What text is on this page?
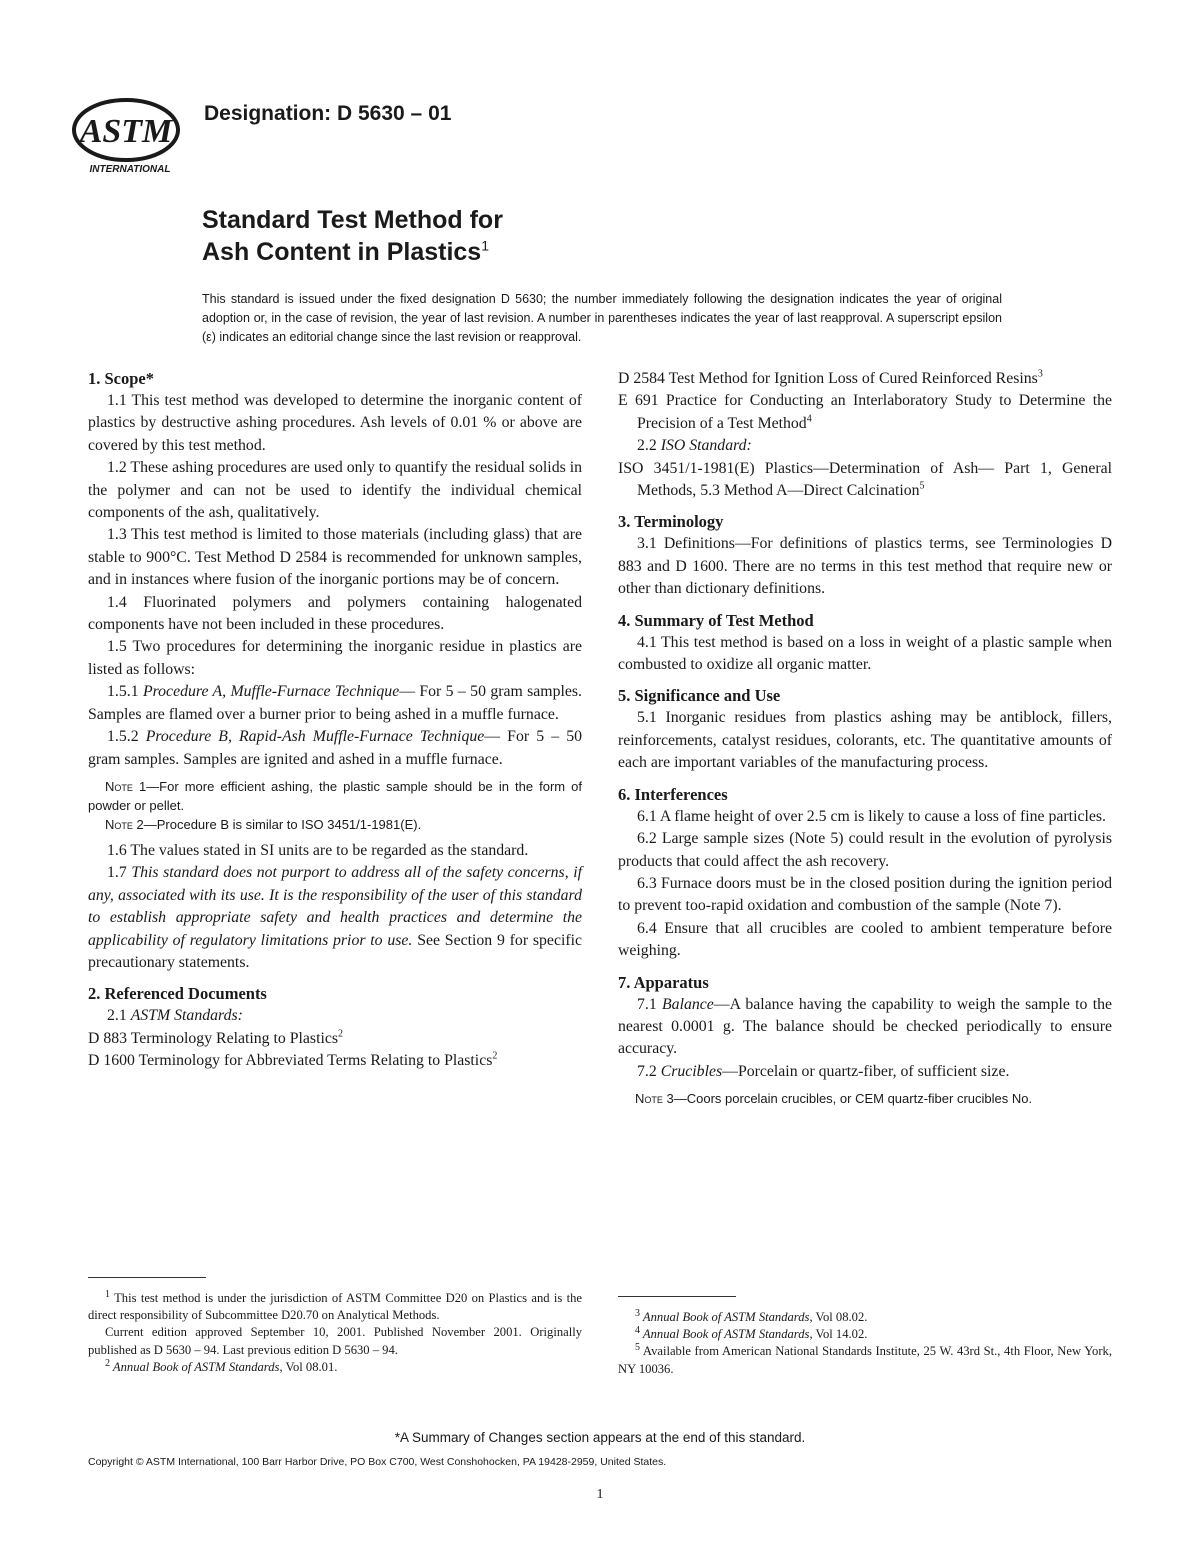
ASTM
INTERNATIONAL
Designation: D 5630 – 01
Standard Test Method for
Ash Content in Plastics$^1$
This standard is issued under the fixed designation D 5630; the number immediately following the designation indicates the year of original adoption or, in the case of revision, the year of last revision. A number in parentheses indicates the year of last reapproval. A superscript epsilon (ε) indicates an editorial change since the last revision or reapproval.
1. Scope*

1.1 This test method was developed to determine the inorganic content of plastics by destructive ashing procedures. Ash levels of 0.01 % or above are covered by this test method.

1.2 These ashing procedures are used only to quantify the residual solids in the polymer and can not be used to identify the individual chemical components of the ash, qualitatively.

1.3 This test method is limited to those materials (including glass) that are stable to 900°C. Test Method D 2584 is recommended for unknown samples, and in instances where fusion of the inorganic portions may be of concern.

1.4 Fluorinated polymers and polymers containing halogenated components have not been included in these procedures.

1.5 Two procedures for determining the inorganic residue in plastics are listed as follows:

1.5.1 Procedure A, Muffle-Furnace Technique— For 5 – 50 gram samples. Samples are flamed over a burner prior to being ashed in a muffle furnace.

1.5.2 Procedure B, Rapid-Ash Muffle-Furnace Technique— For 5 – 50 gram samples. Samples are ignited and ashed in a muffle furnace.

Note 1—For more efficient ashing, the plastic sample should be in the form of powder or pellet.

Note 2—Procedure B is similar to ISO 3451/1-1981(E).

1.6 The values stated in SI units are to be regarded as the standard.

1.7 This standard does not purport to address all of the safety concerns, if any, associated with its use. It is the responsibility of the user of this standard to establish appropriate safety and health practices and determine the applicability of regulatory limitations prior to use. See Section 9 for specific precautionary statements.

2. Referenced Documents

2.1 ASTM Standards:

D 883 Terminology Relating to Plastics$^2$

D 1600 Terminology for Abbreviated Terms Relating to Plastics$^2$

D 2584 Test Method for Ignition Loss of Cured Reinforced Resins$^3$

E 691 Practice for Conducting an Interlaboratory Study to Determine the Precision of a Test Method$^4$

2.2 ISO Standard:

ISO 3451/1-1981(E) Plastics—Determination of Ash— Part 1, General Methods, 5.3 Method A—Direct Calcination$^5$

3. Terminology

3.1 Definitions—For definitions of plastics terms, see Terminologies D 883 and D 1600. There are no terms in this test method that require new or other than dictionary definitions.

4. Summary of Test Method

4.1 This test method is based on a loss in weight of a plastic sample when combusted to oxidize all organic matter.

5. Significance and Use

5.1 Inorganic residues from plastics ashing may be antiblock, fillers, reinforcements, catalyst residues, colorants, etc. The quantitative amounts of each are important variables of the manufacturing process.

6. Interferences

6.1 A flame height of over 2.5 cm is likely to cause a loss of fine particles.

6.2 Large sample sizes (Note 5) could result in the evolution of pyrolysis products that could affect the ash recovery.

6.3 Furnace doors must be in the closed position during the ignition period to prevent too-rapid oxidation and combustion of the sample (Note 7).

6.4 Ensure that all crucibles are cooled to ambient temperature before weighing.

7. Apparatus

7.1 Balance—A balance having the capability to weigh the sample to the nearest 0.0001 g. The balance should be checked periodically to ensure accuracy.

7.2 Crucibles—Porcelain or quartz-fiber, of sufficient size.

Note 3—Coors porcelain crucibles, or CEM quartz-fiber crucibles No.

$^1$ This test method is under the jurisdiction of ASTM Committee D20 on Plastics and is the direct responsibility of Subcommittee D20.70 on Analytical Methods.

Current edition approved September 10, 2001. Published November 2001. Originally published as D 5630 – 94. Last previous edition D 5630 – 94.

$^2$ Annual Book of ASTM Standards, Vol 08.01.

$^3$ Annual Book of ASTM Standards, Vol 08.02.

$^4$ Annual Book of ASTM Standards, Vol 14.02.

$^5$ Available from American National Standards Institute, 25 W. 43rd St., 4th Floor, New York, NY 10036.

*A Summary of Changes section appears at the end of this standard.
Copyright © ASTM International, 100 Barr Harbor Drive, PO Box C700, West Conshohocken, PA 19428-2959, United States.
1
